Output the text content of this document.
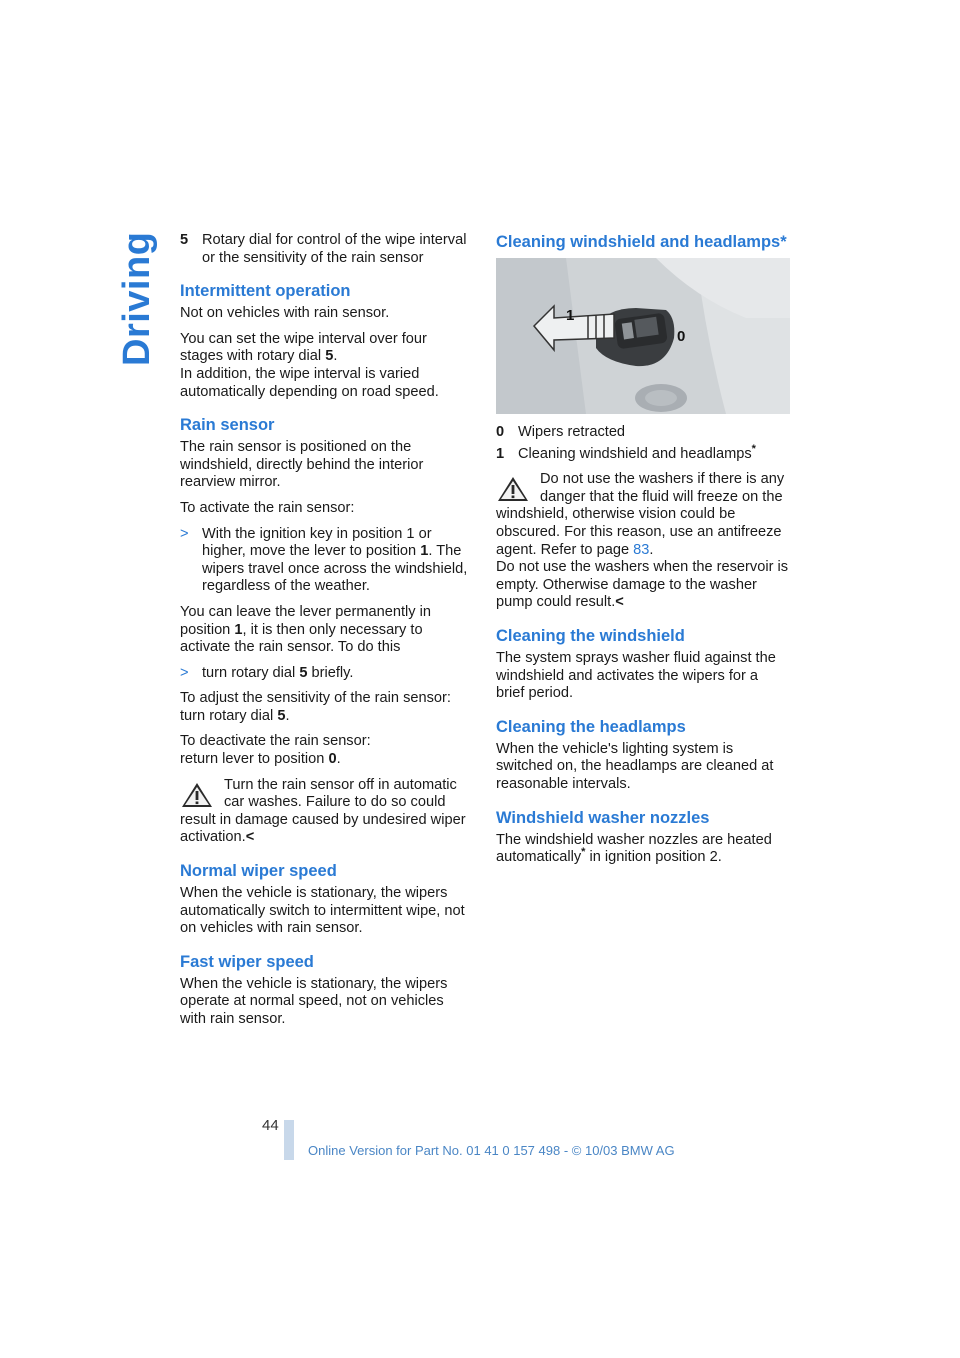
Driving 5 Rotary dial for control of the wipe interval or the sensitivity of the rain sensor
Intermittent operation

Not on vehicles with rain sensor.

You can set the wipe interval over four stages with rotary dial 5.

In addition, the wipe interval is varied automatically depending on road speed.

Rain sensor

The rain sensor is positioned on the windshield, directly behind the interior rearview mirror.

To activate the rain sensor:

> With the ignition key in position 1 or higher, move the lever to position 1. The wipers travel once across the windshield, regardless of the weather.

You can leave the lever permanently in position 1, it is then only necessary to activate the rain sensor. To do this

> turn rotary dial 5 briefly.

To adjust the sensitivity of the rain sensor: turn rotary dial 5.

To deactivate the rain sensor:
return lever to position 0.

Turn the rain sensor off in automatic car washes. Failure to do so could result in damage caused by undesired wiper activation.<
Normal wiper speed

When the vehicle is stationary, the wipers automatically switch to intermittent wipe, not on vehicles with rain sensor.

Fast wiper speed

When the vehicle is stationary, the wipers operate at normal speed, not on vehicles with rain sensor.

Cleaning windshield and headlamps*
1
0
0 Wipers retracted
1 Cleaning windshield and headlamps*
Do not use the washers if there is any danger that the fluid will freeze on the windshield, otherwise vision could be obscured. For this reason, use an antifreeze agent. Refer to page 83.
Do not use the washers when the reservoir is empty. Otherwise damage to the washer pump could result.<
Cleaning the windshield

The system sprays washer fluid against the windshield and activates the wipers for a brief period.

Cleaning the headlamps

When the vehicle's lighting system is switched on, the headlamps are cleaned at reasonable intervals.

Windshield washer nozzles

The windshield washer nozzles are heated automatically* in ignition position 2.

44
Online Version for Part No. 01 41 0 157 498 - © 10/03 BMW AG
